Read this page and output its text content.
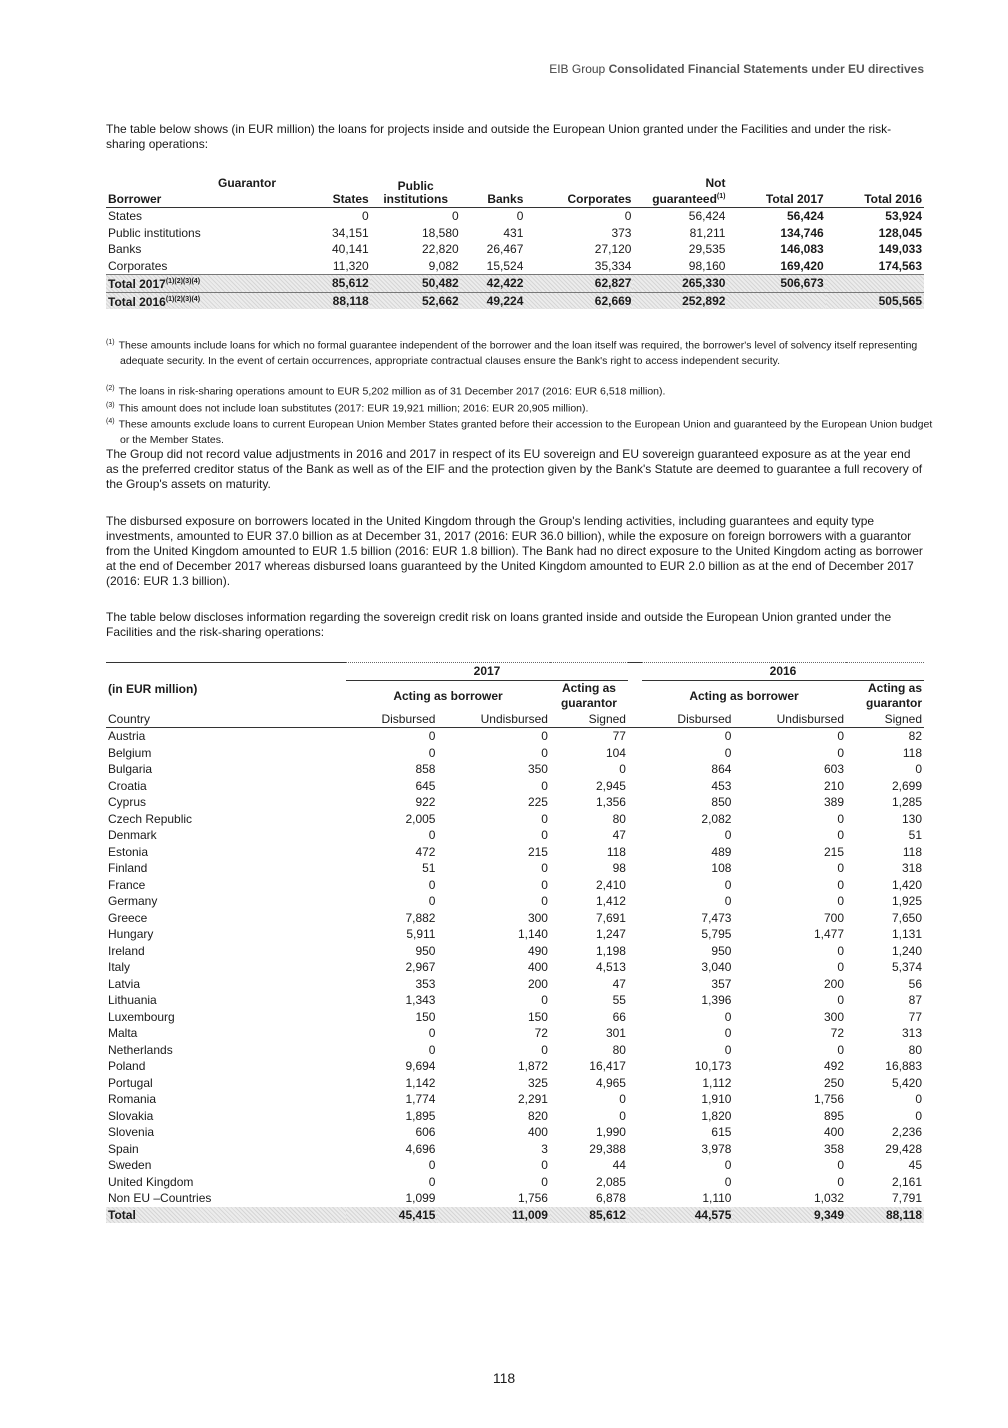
EIB Group Consolidated Financial Statements under EU directives

The table below shows (in EUR million) the loans for projects inside and outside the European Union granted under the Facilities and under the risk-sharing operations:

Guarantor
Borrower	States	Public institutions	Banks	Corporates	Not guaranteed$^{(1)}$	Total 2017	Total 2016
States	0	0	0	0	56,424	56,424	53,924
Public institutions	34,151	18,580	431	373	81,211	134,746	128,045
Banks	40,141	22,820	26,467	27,120	29,535	146,083	149,033
Corporates	11,320	9,082	15,524	35,334	98,160	169,420	174,563
Total $2017^{(1)(2)(3)(4)}$	85,612	50,482	42,422	62,827	265,330	506,673	
Total $2016^{(1)(2)(3)(4)}$	88,118	52,662	49,224	62,669	252,892		505,565

$^{(1)}$ These amounts include loans for which no formal guarantee independent of the borrower and the loan itself was required, the borrower's level of solvency itself representing adequate security. In the event of certain occurrences, appropriate contractual clauses ensure the Bank's right to access independent security.

$^{(2)}$ The loans in risk-sharing operations amount to EUR 5,202 million as of 31 December 2017 (2016: EUR 6,518 million).

$^{(3)}$ This amount does not include loan substitutes (2017: EUR 19,921 million; 2016: EUR 20,905 million).

$^{(4)}$ These amounts exclude loans to current European Union Member States granted before their accession to the European Union and guaranteed by the European Union budget or the Member States.

The Group did not record value adjustments in 2016 and 2017 in respect of its EU sovereign and EU sovereign guaranteed exposure as at the year end as the preferred creditor status of the Bank as well as of the EIF and the protection given by the Bank's Statute are deemed to guarantee a full recovery of the Group's assets on maturity.

The disbursed exposure on borrowers located in the United Kingdom through the Group's lending activities, including guarantees and equity type investments, amounted to EUR 37.0 billion as at December 31, 2017 (2016: EUR 36.0 billion), while the exposure on foreign borrowers with a guarantor from the United Kingdom amounted to EUR 1.5 billion (2016: EUR 1.8 billion). The Bank had no direct exposure to the United Kingdom acting as borrower at the end of December 2017 whereas disbursed loans guaranteed by the United Kingdom amounted to EUR 2.0 billion as at the end of December 2017 (2016: EUR 1.3 billion).

The table below discloses information regarding the sovereign credit risk on loans granted inside and outside the European Union granted under the Facilities and the risk-sharing operations:

	2017				2016		
(in EUR million)	Acting as borrower		Acting as guarantor		Acting as borrower		Acting as guarantor

Country	Disbursed	Undisbursed	Signed		Disbursed	Undisbursed	Signed
Austria	0	0	77		0	0	82
Belgium	0	0	104		0	0	118
Bulgaria	858	350	0		864	603	0
Croatia	645	0	2,945		453	210	2,699
Cyprus	922	225	1,356		850	389	1,285
Czech Republic	2,005	0	80		2,082	0	130
Denmark	0	0	47		0	0	51
Estonia	472	215	118		489	215	118
Finland	51	0	98		108	0	318
France	0	0	2,410		0	0	1,420
Germany	0	0	1,412		0	0	1,925
Greece	7,882	300	7,691		7,473	700	7,650
Hungary	5,911	1,140	1,247		5,795	1,477	1,131
Ireland	950	490	1,198		950	0	1,240
Italy	2,967	400	4,513		3,040	0	5,374
Latvia	353	200	47		357	200	56
Lithuania	1,343	0	55		1,396	0	87
Luxembourg	150	150	66		0	300	77
Malta	0	72	301		0	72	313
Netherlands	0	0	80		0	0	80
Poland	9,694	1,872	16,417		10,173	492	16,883
Portugal	1,142	325	4,965		1,112	250	5,420
Romania	1,774	2,291	0		1,910	1,756	0
Slovakia	1,895	820	0		1,820	895	0
Slovenia	606	400	1,990		615	400	2,236
Spain	4,696	3	29,388		3,978	358	29,428
Sweden	0	0	44		0	0	45
United Kingdom	0	0	2,085		0	0	2,161
Non EU –Countries	1,099	1,756	6,878		1,110	1,032	7,791
Total	45,415	11,009	85,612		44,575	9,349	88,118
118
